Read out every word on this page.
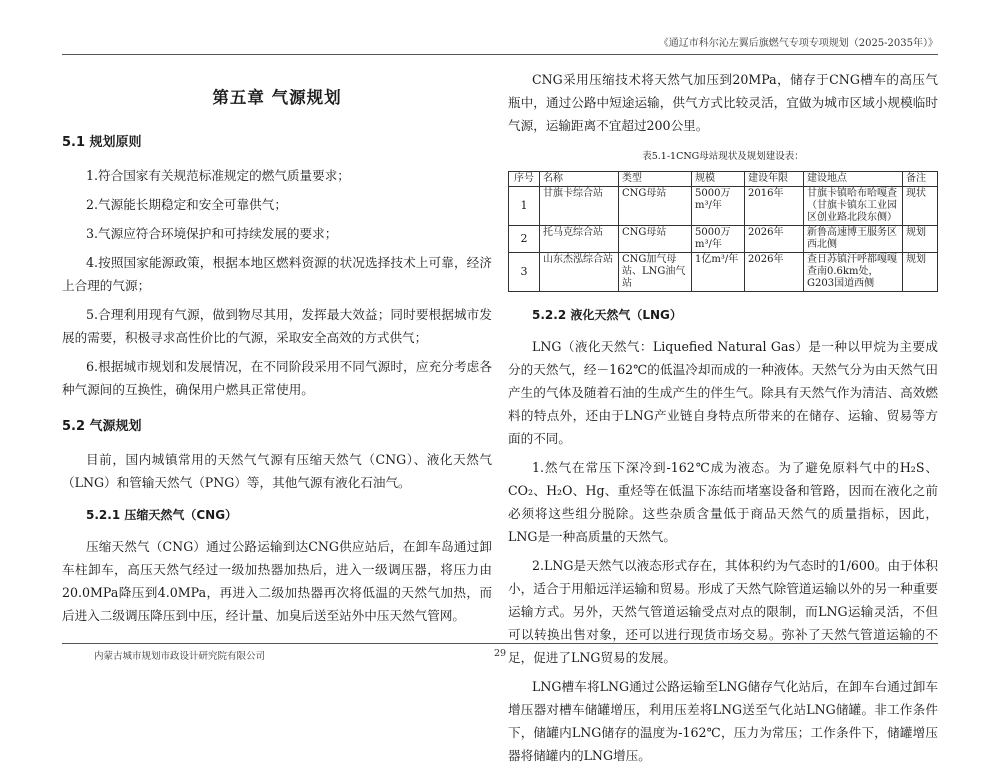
《通辽市科尔沁左翼后旗燃气专项专项规划（2025-2035年）》
第五章 气源规划
5.1 规划原则

1.符合国家有关规范标准规定的燃气质量要求；

2.气源能长期稳定和安全可靠供气；

3.气源应符合环境保护和可持续发展的要求；

4.按照国家能源政策，根据本地区燃料资源的状况选择技术上可靠，经济上合理的气源；

5.合理利用现有气源，做到物尽其用，发挥最大效益；同时要根据城市发展的需要，积极寻求高性价比的气源，采取安全高效的方式供气；

6.根据城市规划和发展情况，在不同阶段采用不同气源时，应充分考虑各种气源间的互换性，确保用户燃具正常使用。

5.2 气源规划

目前，国内城镇常用的天然气气源有压缩天然气（CNG）、液化天然气（LNG）和管输天然气（PNG）等，其他气源有液化石油气。

5.2.1 压缩天然气（CNG）

压缩天然气（CNG）通过公路运输到达CNG供应站后，在卸车岛通过卸车柱卸车，高压天然气经过一级加热器加热后，进入一级调压器，将压力由20.0MPa降压到4.0MPa，再进入二级加热器再次将低温的天然气加热，而后进入二级调压降压到中压，经计量、加臭后送至站外中压天然气管网。

CNG采用压缩技术将天然气加压到20MPa，储存于CNG槽车的高压气瓶中，通过公路中短途运输，供气方式比较灵活，宜做为城市区域小规模临时气源，运输距离不宜超过200公里。

表5.1-1CNG母站现状及规划建设表：
序号	名称	类型	规模	建设年限	建设地点	备注
1	甘旗卡综合站	CNG母站	5000万m³/年	2016年	甘旗卡镇哈布哈嘎查（甘旗卡镇东工业园区创业路北段东侧）	现状
2	托马克综合站	CNG母站	5000万m³/年	2026年	新鲁高速博王服务区西北侧	规划
3	山东杰泓综合站	CNG加气母站、LNG油气站	1亿m³/年	2026年	查日苏镇汗呼都嘎嘎查南0.6km处，G203国道西侧	规划
5.2.2 液化天然气（LNG）

LNG（液化天然气：Liquefied Natural Gas）是一种以甲烷为主要成分的天然气，经－162℃的低温冷却而成的一种液体。天然气分为由天然气田产生的气体及随着石油的生成产生的伴生气。除具有天然气作为清洁、高效燃料的特点外，还由于LNG产业链自身特点所带来的在储存、运输、贸易等方面的不同。

1.然气在常压下深冷到-162℃成为液态。为了避免原料气中的H₂S、CO₂、H₂O、Hg、重烃等在低温下冻结而堵塞设备和管路，因而在液化之前必须将这些组分脱除。这些杂质含量低于商品天然气的质量指标，因此，LNG是一种高质量的天然气。

2.LNG是天然气以液态形式存在，其体积约为气态时的1/600。由于体积小，适合于用船远洋运输和贸易。形成了天然气除管道运输以外的另一种重要运输方式。另外，天然气管道运输受点对点的限制，而LNG运输灵活，不但可以转换出售对象，还可以进行现货市场交易。弥补了天然气管道运输的不足，促进了LNG贸易的发展。

LNG槽车将LNG通过公路运输至LNG储存气化站后，在卸车台通过卸车增压器对槽车储罐增压，利用压差将LNG送至气化站LNG储罐。非工作条件下，储罐内LNG储存的温度为-162℃，压力为常压；工作条件下，储罐增压器将储罐内的LNG增压。

内蒙古城市规划市政设计研究院有限公司	29
